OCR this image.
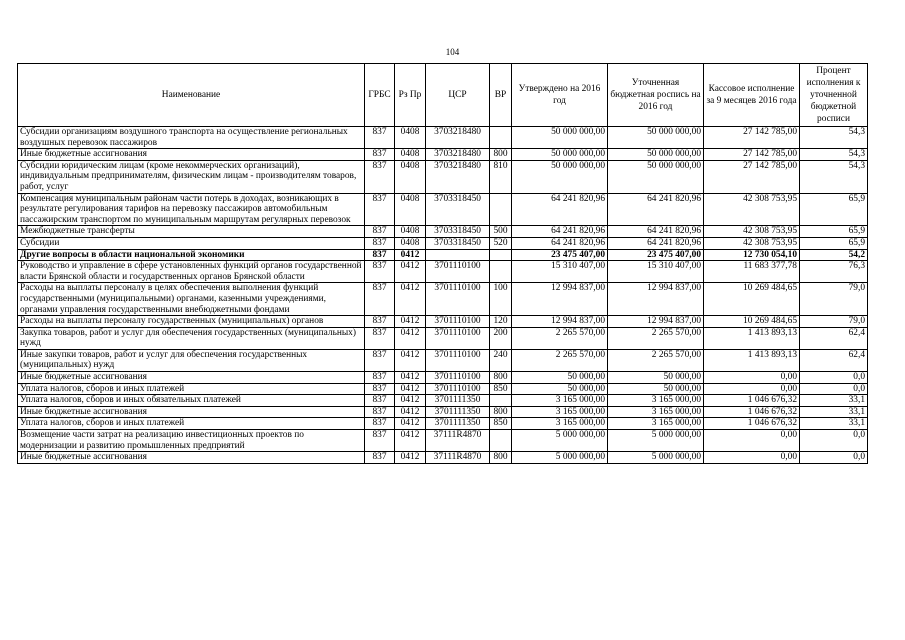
104
Наименование	ГРБС	Рз Пр	ЦСР	ВР	Утверждено на 2016 год	Уточненная бюджетная роспись на 2016 год	Кассовое исполнение за 9 месяцев 2016 года	Процент исполнения к уточненной бюджетной росписи
Субсидии организациям воздушного транспорта на осуществление региональных воздушных перевозок пассажиров	837	0408	3703218480		50 000 000,00	50 000 000,00	27 142 785,00	54,3
Иные бюджетные ассигнования	837	0408	3703218480	800	50 000 000,00	50 000 000,00	27 142 785,00	54,3
Субсидии юридическим лицам (кроме некоммерческих организаций), индивидуальным предпринимателям, физическим лицам - производителям товаров, работ, услуг	837	0408	3703218480	810	50 000 000,00	50 000 000,00	27 142 785,00	54,3
Компенсация муниципальным районам части потерь в доходах, возникающих в результате регулирования тарифов на перевозку пассажиров автомобильным пассажирским транспортом по муниципальным маршрутам регулярных перевозок	837	0408	3703318450		64 241 820,96	64 241 820,96	42 308 753,95	65,9
Межбюджетные трансферты	837	0408	3703318450	500	64 241 820,96	64 241 820,96	42 308 753,95	65,9
Субсидии	837	0408	3703318450	520	64 241 820,96	64 241 820,96	42 308 753,95	65,9
Другие вопросы в области национальной экономики	837	0412			23 475 407,00	23 475 407,00	12 730 054,10	54,2
Руководство и управление в сфере установленных функций органов государственной власти Брянской области и государственных органов Брянской области	837	0412	3701110100		15 310 407,00	15 310 407,00	11 683 377,78	76,3
Расходы на выплаты персоналу в целях обеспечения выполнения функций государственными (муниципальными) органами, казенными учреждениями, органами управления государственными внебюджетными фондами	837	0412	3701110100	100	12 994 837,00	12 994 837,00	10 269 484,65	79,0
Расходы на выплаты персоналу государственных (муниципальных) органов	837	0412	3701110100	120	12 994 837,00	12 994 837,00	10 269 484,65	79,0
Закупка товаров, работ и услуг для обеспечения государственных (муниципальных) нужд	837	0412	3701110100	200	2 265 570,00	2 265 570,00	1 413 893,13	62,4
Иные закупки товаров, работ и услуг для обеспечения государственных (муниципальных) нужд	837	0412	3701110100	240	2 265 570,00	2 265 570,00	1 413 893,13	62,4
Иные бюджетные ассигнования	837	0412	3701110100	800	50 000,00	50 000,00	0,00	0,0
Уплата налогов, сборов и иных платежей	837	0412	3701110100	850	50 000,00	50 000,00	0,00	0,0
Уплата налогов, сборов и иных обязательных платежей	837	0412	3701111350		3 165 000,00	3 165 000,00	1 046 676,32	33,1
Иные бюджетные ассигнования	837	0412	3701111350	800	3 165 000,00	3 165 000,00	1 046 676,32	33,1
Уплата налогов, сборов и иных платежей	837	0412	3701111350	850	3 165 000,00	3 165 000,00	1 046 676,32	33,1
Возмещение части затрат на реализацию инвестиционных проектов по модернизации и развитию промышленных предприятий	837	0412	37111R4870		5 000 000,00	5 000 000,00	0,00	0,0
Иные бюджетные ассигнования	837	0412	37111R4870	800	5 000 000,00	5 000 000,00	0,00	0,0
